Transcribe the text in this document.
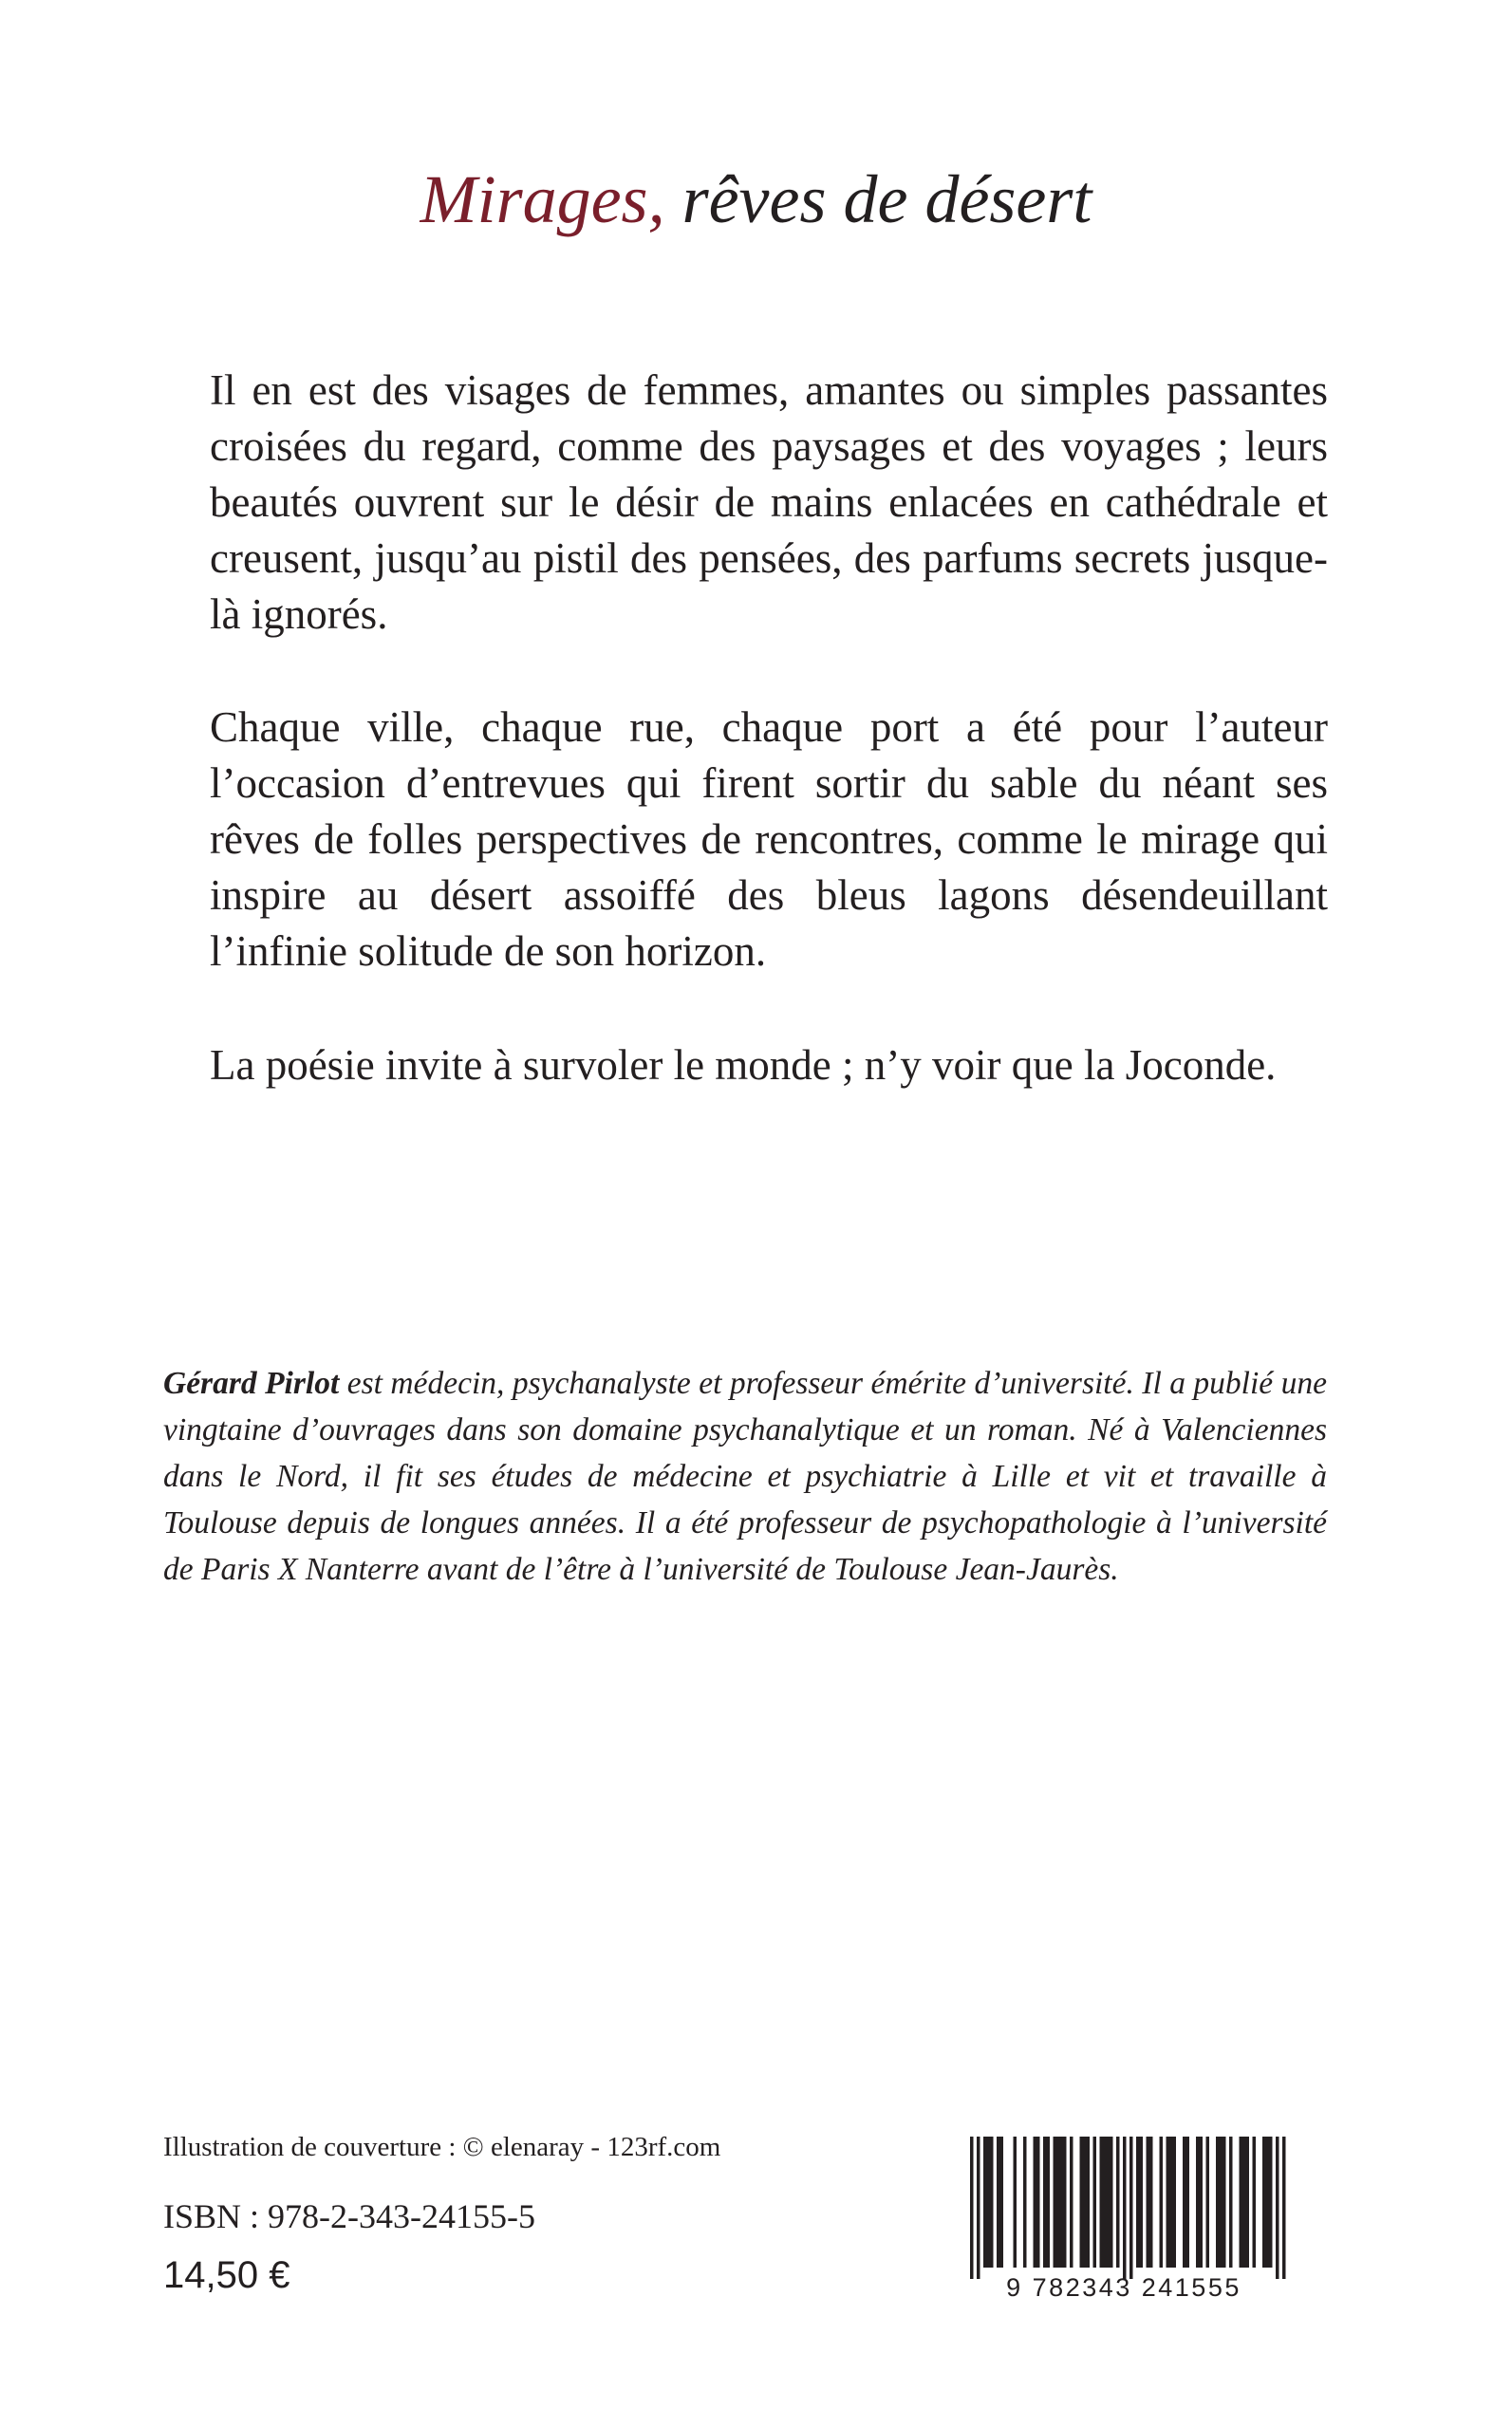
Mirages, rêves de désert

Il en est des visages de femmes, amantes ou simples passantes croisées du regard, comme des paysages et des voyages ; leurs beautés ouvrent sur le désir de mains enlacées en cathédrale et creusent, jusqu’au pistil des pensées, des parfums secrets jusque-là ignorés.

Chaque ville, chaque rue, chaque port a été pour l’auteur l’occasion d’entrevues qui firent sortir du sable du néant ses rêves de folles perspectives de rencontres, comme le mirage qui inspire au désert assoiffé des bleus lagons désendeuillant l’infinie solitude de son horizon.

La poésie invite à survoler le monde ; n’y voir que la Joconde.

Gérard Pirlot est médecin, psychanalyste et professeur émérite d’université. Il a publié une vingtaine d’ouvrages dans son domaine psychanalytique et un roman. Né à Valenciennes dans le Nord, il fit ses études de médecine et psychiatrie à Lille et vit et travaille à Toulouse depuis de longues années. Il a été professeur de psychopathologie à l’université de Paris X Nanterre avant de l’être à l’université de Toulouse Jean-Jaurès.

Illustration de couverture : © elenaray - 123rf.com
ISBN : 978-2-343-24155-5
14,50 €	9 782343 241555
